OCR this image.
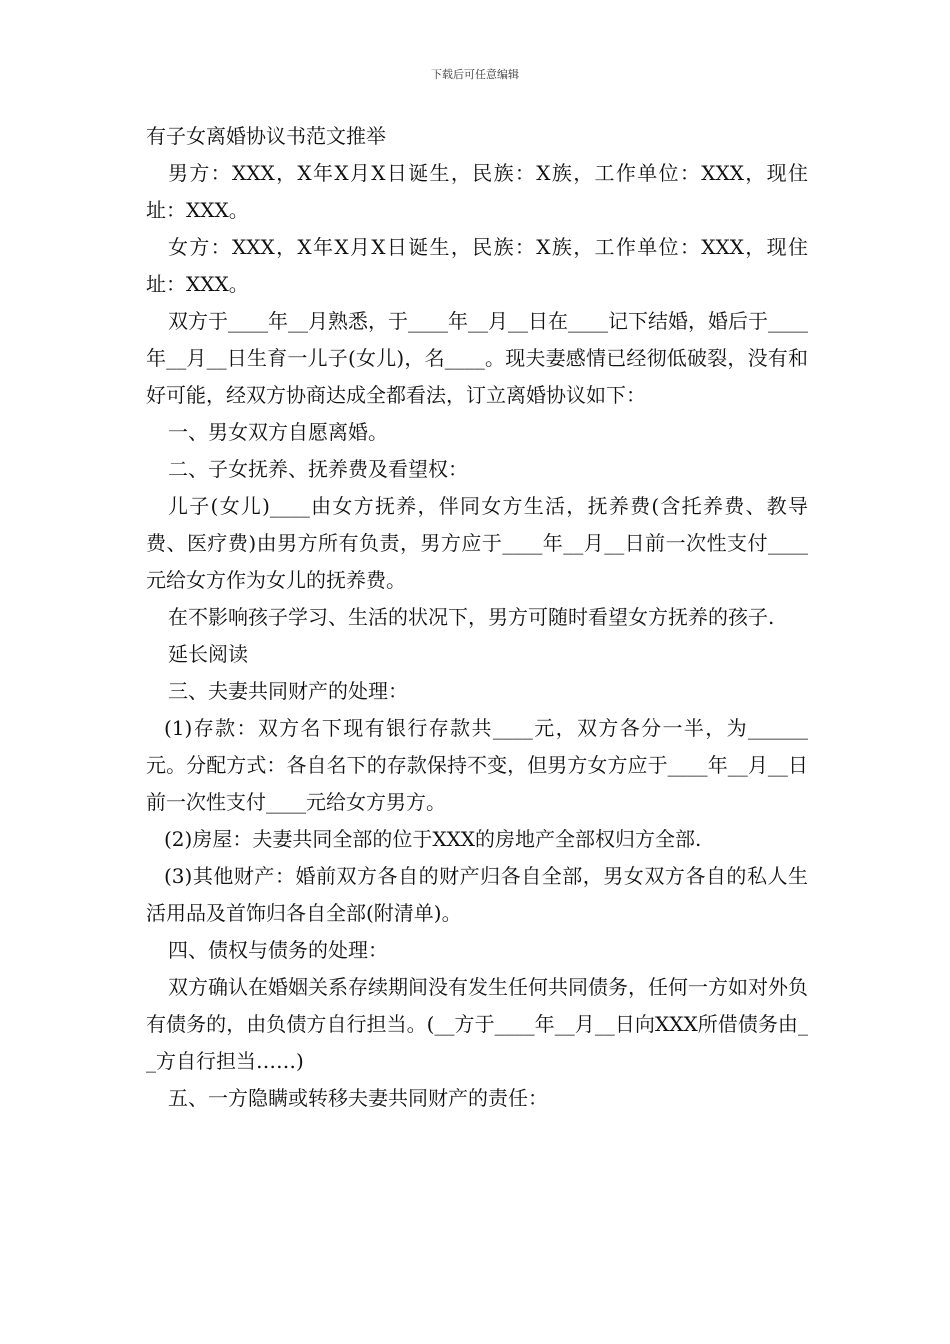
下载后可任意编辑
有子女离婚协议书范文推举

男方：XXX，X年X月X日诞生，民族：X族，工作单位：XXX，现住址：XXX。

女方：XXX，X年X月X日诞生，民族：X族，工作单位：XXX，现住址：XXX。

双方于____年__月熟悉，于____年__月__日在____记下结婚，婚后于____年__月__日生育一儿子(女儿)，名____。现夫妻感情已经彻低破裂，没有和好可能，经双方协商达成全都看法，订立离婚协议如下：

一、男女双方自愿离婚。

二、子女抚养、抚养费及看望权：

儿子(女儿)____由女方抚养，伴同女方生活，抚养费(含托养费、教导费、医疗费)由男方所有负责，男方应于____年__月__日前一次性支付____元给女方作为女儿的抚养费。

在不影响孩子学习、生活的状况下，男方可随时看望女方抚养的孩子.

延长阅读

三、夫妻共同财产的处理：

(1)存款：双方名下现有银行存款共____元，双方各分一半，为______元。分配方式：各自名下的存款保持不变，但男方女方应于____年__月__日前一次性支付____元给女方男方。

(2)房屋：夫妻共同全部的位于XXX的房地产全部权归方全部.

(3)其他财产：婚前双方各自的财产归各自全部，男女双方各自的私人生活用品及首饰归各自全部(附清单)。

四、债权与债务的处理：

双方确认在婚姻关系存续期间没有发生任何共同债务，任何一方如对外负有债务的，由负债方自行担当。(__方于____年__月__日向XXX所借债务由__方自行担当……)

五、一方隐瞒或转移夫妻共同财产的责任：
